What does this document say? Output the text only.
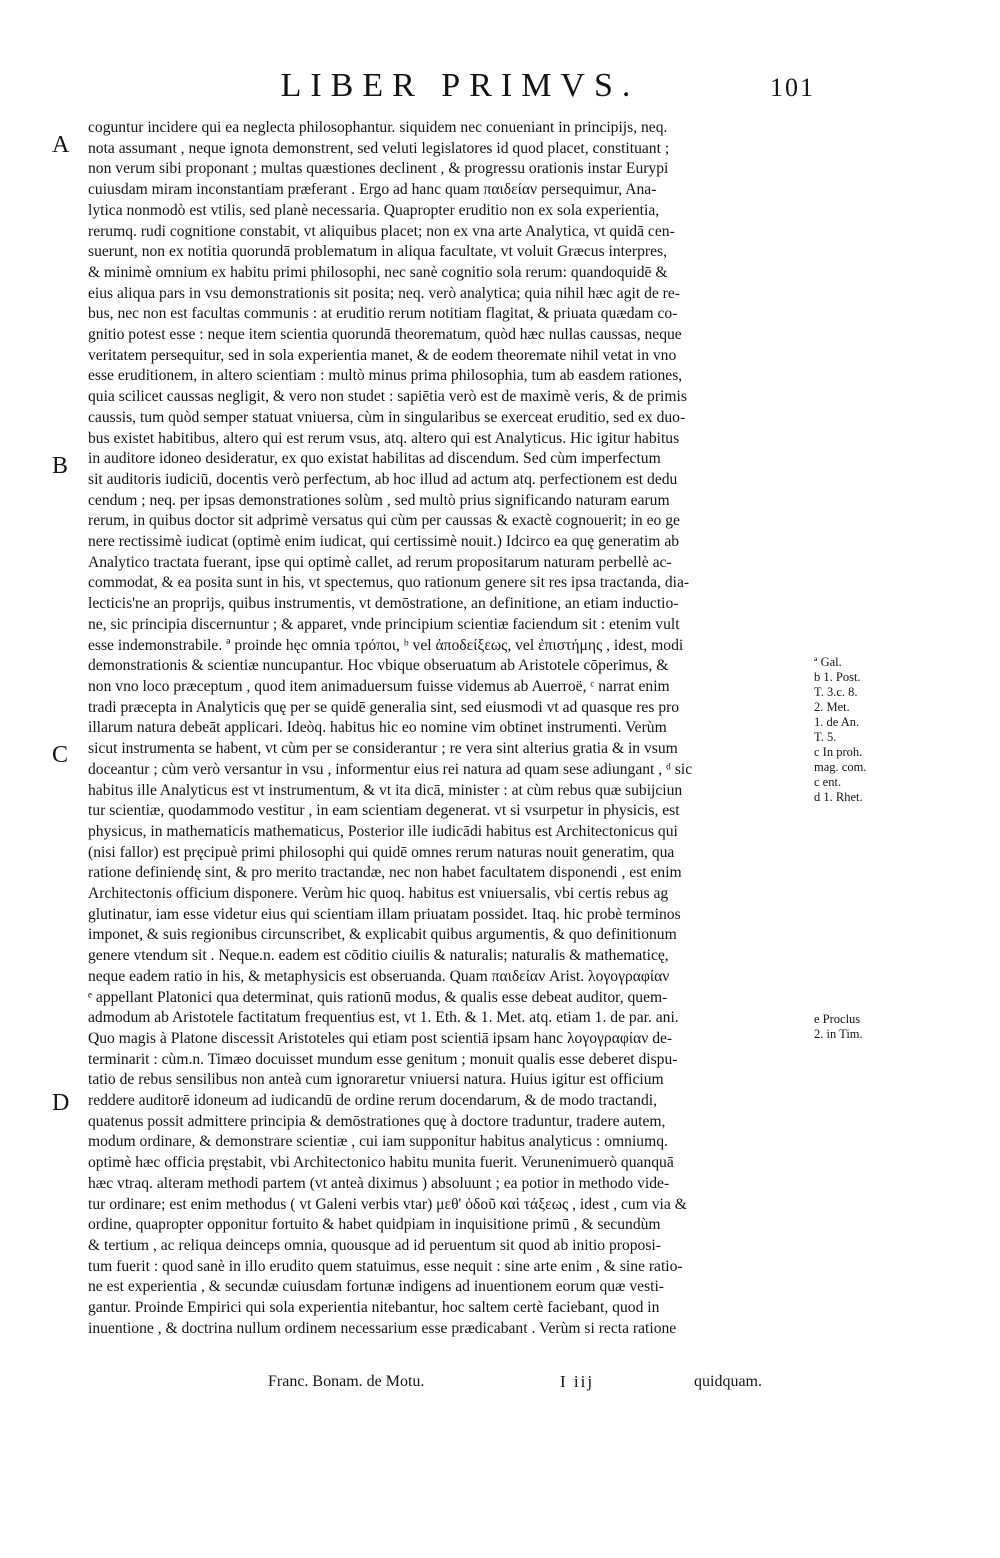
LIBER PRIMVS.	101
A
B
C
D
coguntur incidere qui ea neglecta philosophantur. siquidem nec conueniant in principijs, neq.
nota assumant , neque ignota demonstrent, sed veluti legislatores id quod placet, constituant ;
non verum sibi proponant ; multas quæstiones declinent , & progressu orationis instar Eurypi
cuiusdam miram inconstantiam præferant . Ergo ad hanc quam παιδείαν persequimur, Ana-
lytica nonmodò est vtilis, sed planè necessaria. Quapropter eruditio non ex sola experientia,
rerumq. rudi cognitione constabit, vt aliquibus placet; non ex vna arte Analytica, vt quidā cen-
suerunt, non ex notitia quorundā problematum in aliqua facultate, vt voluit Græcus interpres,
& minimè omnium ex habitu primi philosophi, nec sanè cognitio sola rerum: quandoquidē &
eius aliqua pars in vsu demonstrationis sit posita; neq. verò analytica; quia nihil hæc agit de re-
bus, nec non est facultas communis : at eruditio rerum notitiam flagitat, & priuata quædam co-
gnitio potest esse : neque item scientia quorundā theorematum, quòd hæc nullas caussas, neque
veritatem persequitur, sed in sola experientia manet, & de eodem theoremate nihil vetat in vno
esse eruditionem, in altero scientiam : multò minus prima philosophia, tum ab easdem rationes,
quia scilicet caussas negligit, & vero non studet : sapiētia verò est de maximè veris, & de primis
caussis, tum quòd semper statuat vniuersa, cùm in singularibus se exerceat eruditio, sed ex duo-
bus existet habitibus, altero qui est rerum vsus, atq. altero qui est Analyticus. Hic igitur habitus
in auditore idoneo desideratur, ex quo existat habilitas ad discendum. Sed cùm imperfectum
sit auditoris iudiciū, docentis verò perfectum, ab hoc illud ad actum atq. perfectionem est dedu
cendum ; neq. per ipsas demonstrationes solùm , sed multò prius significando naturam earum
rerum, in quibus doctor sit adprimè versatus qui cùm per caussas & exactè cognouerit; in eo ge
nere rectissimè iudicat (optimè enim iudicat, qui certissimè nouit.) Idcirco ea quę generatim ab
Analytico tractata fuerant, ipse qui optimè callet, ad rerum propositarum naturam perbellè ac-
commodat, & ea posita sunt in his, vt spectemus, quo rationum genere sit res ipsa tractanda, dia-
lecticis'ne an proprijs, quibus instrumentis, vt demōstratione, an definitione, an etiam inductio-
ne, sic principia discernuntur ; & apparet, vnde principium scientiæ faciendum sit : etenim vult
esse indemonstrabile. ª proinde hęc omnia τρόποι, ᵇ vel ἀποδείξεως, vel ἐπιστήμης , idest, modi
demonstrationis & scientiæ nuncupantur. Hoc vbique obseruatum ab Aristotele cōperimus, &
non vno loco præceptum , quod item animaduersum fuisse videmus ab Auerroë, ᶜ narrat enim
tradi præcepta in Analyticis quę per se quidē generalia sint, sed eiusmodi vt ad quasque res pro
illarum natura debeāt applicari. Ideòq. habitus hic eo nomine vim obtinet instrumenti. Verùm
sicut instrumenta se habent, vt cùm per se considerantur ; re vera sint alterius gratia & in vsum
doceantur ; cùm verò versantur in vsu , informentur eius rei natura ad quam sese adiungant , ᵈ sic
habitus ille Analyticus est vt instrumentum, & vt ita dicā, minister : at cùm rebus quæ subijciun
tur scientiæ, quodammodo vestitur , in eam scientiam degenerat. vt si vsurpetur in physicis, est
physicus, in mathematicis mathematicus, Posterior ille iudicādi habitus est Architectonicus qui
(nisi fallor) est pręcipuè primi philosophi qui quidē omnes rerum naturas nouit generatim, qua
ratione definiendę sint, & pro merito tractandæ, nec non habet facultatem disponendi , est enim
Architectonis officium disponere. Verùm hic quoq. habitus est vniuersalis, vbi certis rebus ag
glutinatur, iam esse videtur eius qui scientiam illam priuatam possidet. Itaq. hic probè terminos
imponet, & suis regionibus circunscribet, & explicabit quibus argumentis, & quo definitionum
genere vtendum sit . Neque.n. eadem est cōditio ciuilis & naturalis; naturalis & mathematicę,
neque eadem ratio in his, & metaphysicis est obseruanda. Quam παιδείαν Arist. λογογραφίαν
ᵉ appellant Platonici qua determinat, quis rationū modus, & qualis esse debeat auditor, quem-
admodum ab Aristotele factitatum frequentius est, vt 1. Eth. & 1. Met. atq. etiam 1. de par. ani.
Quo magis à Platone discessit Aristoteles qui etiam post scientiā ipsam hanc λογογραφίαν de-
terminarit : cùm.n. Timæo docuisset mundum esse genitum ; monuit qualis esse deberet dispu-
tatio de rebus sensilibus non anteà cum ignoraretur vniuersi natura. Huius igitur est officium
reddere auditorē idoneum ad iudicandū de ordine rerum docendarum, & de modo tractandi,
quatenus possit admittere principia & demōstrationes quę à doctore traduntur, tradere autem,
modum ordinare, & demonstrare scientiæ , cui iam supponitur habitus analyticus : omniumq.
optimè hæc officia pręstabit, vbi Architectonico habitu munita fuerit. Verunenimuerò quanquā
hæc vtraq. alteram methodi partem (vt anteà diximus ) absoluunt ; ea potior in methodo vide-
tur ordinare; est enim methodus ( vt Galeni verbis vtar) μεθ' ὁδοῦ καὶ τάξεως , idest , cum via &
ordine, quapropter opponitur fortuito & habet quidpiam in inquisitione primū , & secundùm
& tertium , ac reliqua deinceps omnia, quousque ad id peruentum sit quod ab initio proposi-
tum fuerit : quod sanè in illo erudito quem statuimus, esse nequit : sine arte enim , & sine ratio-
ne est experientia , & secundæ cuiusdam fortunæ indigens ad inuentionem eorum quæ vesti-
gantur. Proinde Empirici qui sola experientia nitebantur, hoc saltem certè faciebant, quod in
inuentione , & doctrina nullum ordinem necessarium esse prædicabant . Verùm si recta ratione
ª Gal.
b 1. Post.
T. 3.c. 8.
2. Met.
1. de An.
T. 5.
c In proh.
mag. com.
c ent.
d 1. Rhet.
e Proclus
2. in Tim.
Franc. Bonam. de Motu.	I iij	quidquam.
